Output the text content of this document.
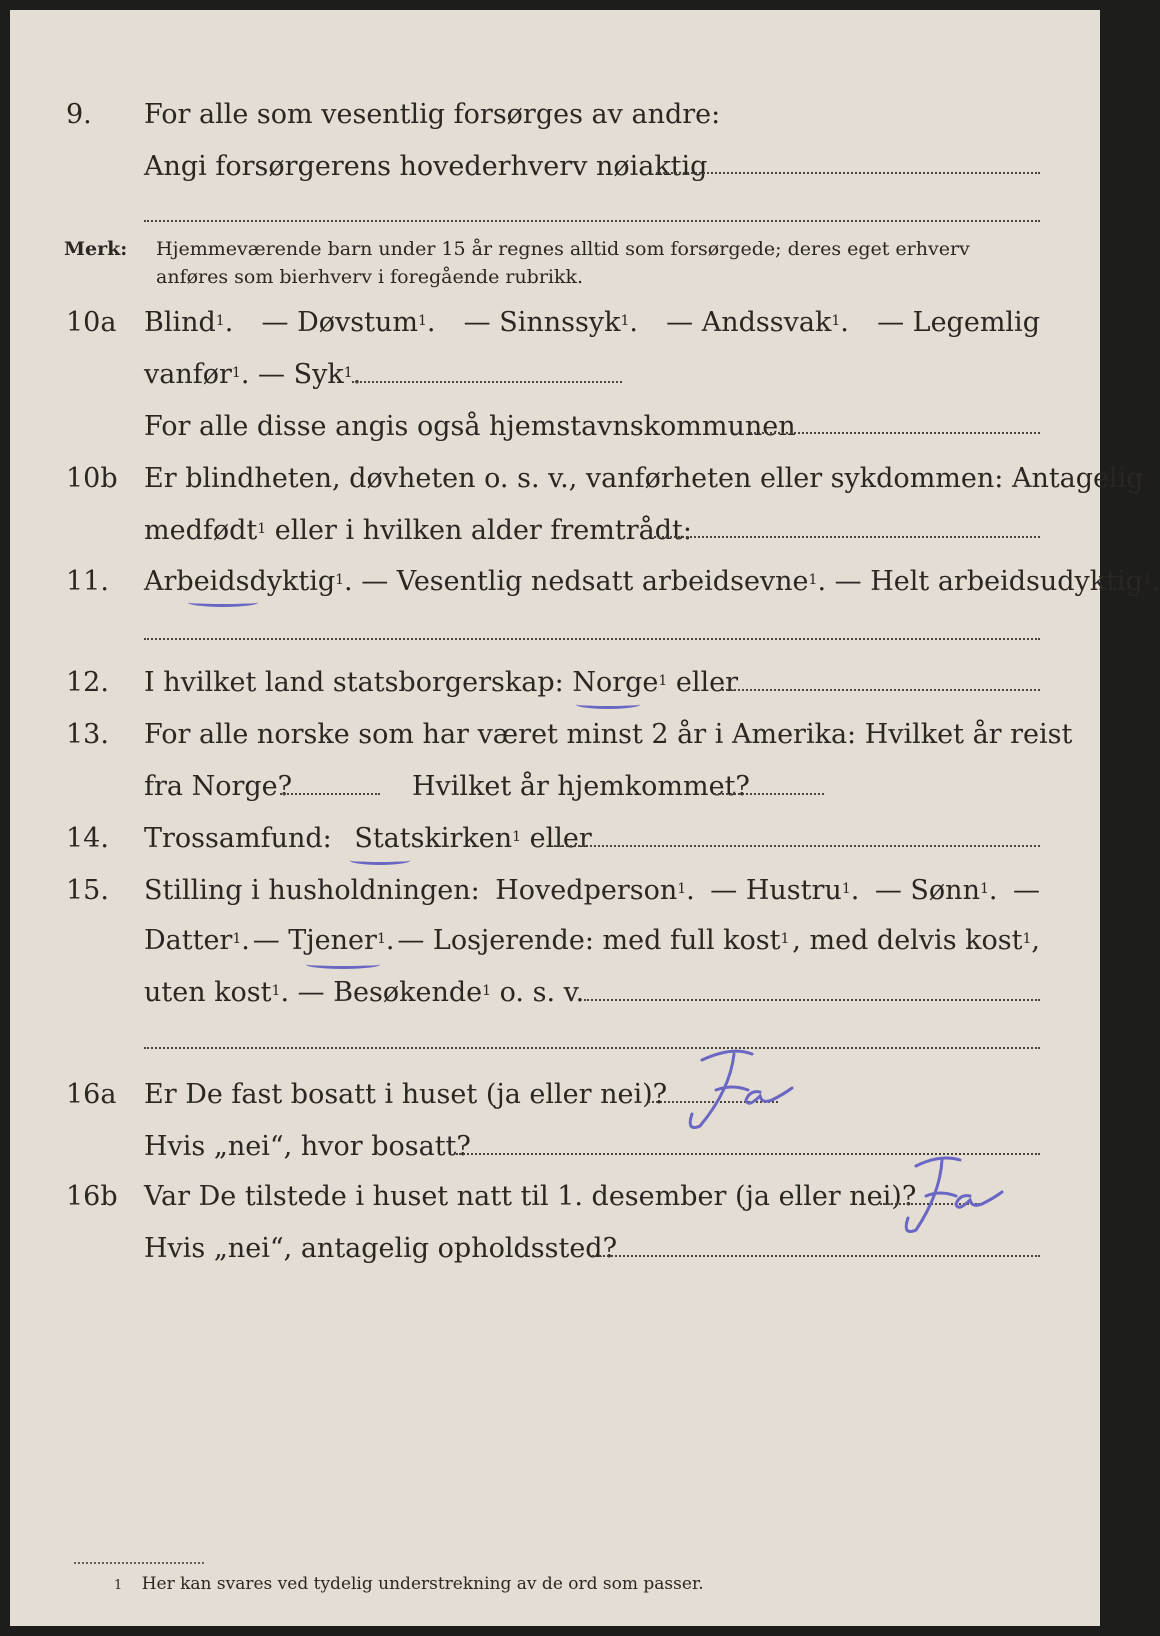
9. For alle som vesentlig forsørges av andre:
Angi forsørgerens hovederhverv nøiaktig
Merk: Hjemmeværende barn under 15 år regnes alltid som forsørgede; deres eget erhverv
anføres som bierhverv i foregående rubrikk.
10a Blind$^1$. — Døvstum$^1$. — Sinnssyk$^1$. — Andssvak$^1$. — Legemlig
vanfør$^1$. — Syk$^1$.
For alle disse angis også hjemstavnskommunen
10b Er blindheten, døvheten o. s. v., vanførheten eller sykdommen: Antagelig
medfødt$^1$ eller i hvilken alder fremtrådt:
11. Arbeidsdyktig$^1$. — Vesentlig nedsatt arbeidsevne$^1$. — Helt arbeidsudyktig$^1$.
12. I hvilket land statsborgerskap: Norge$^1$ eller
13. For alle norske som har været minst 2 år i Amerika: Hvilket år reist
fra Norge?	Hvilket år hjemkommet?
14. Trossamfund: Statskirken$^1$ eller
15. Stilling i husholdningen: Hovedperson$^1$. — Hustru$^1$. — Sønn$^1$. —
Datter$^1$. — Tjener$^1$. — Losjerende: med full kost$^1$ , med delvis kost$^1$,
uten kost$^1$. — Besøkende$^1$ o. s. v.
16a Er De fast bosatt i huset (ja eller nei)?
Ja
Hvis „nei“, hvor bosatt?
16b Var De tilstede i huset natt til 1. desember (ja eller nei)?
Ja
Hvis „nei“, antagelig opholdssted?
1 Her kan svares ved tydelig understrekning av de ord som passer.
